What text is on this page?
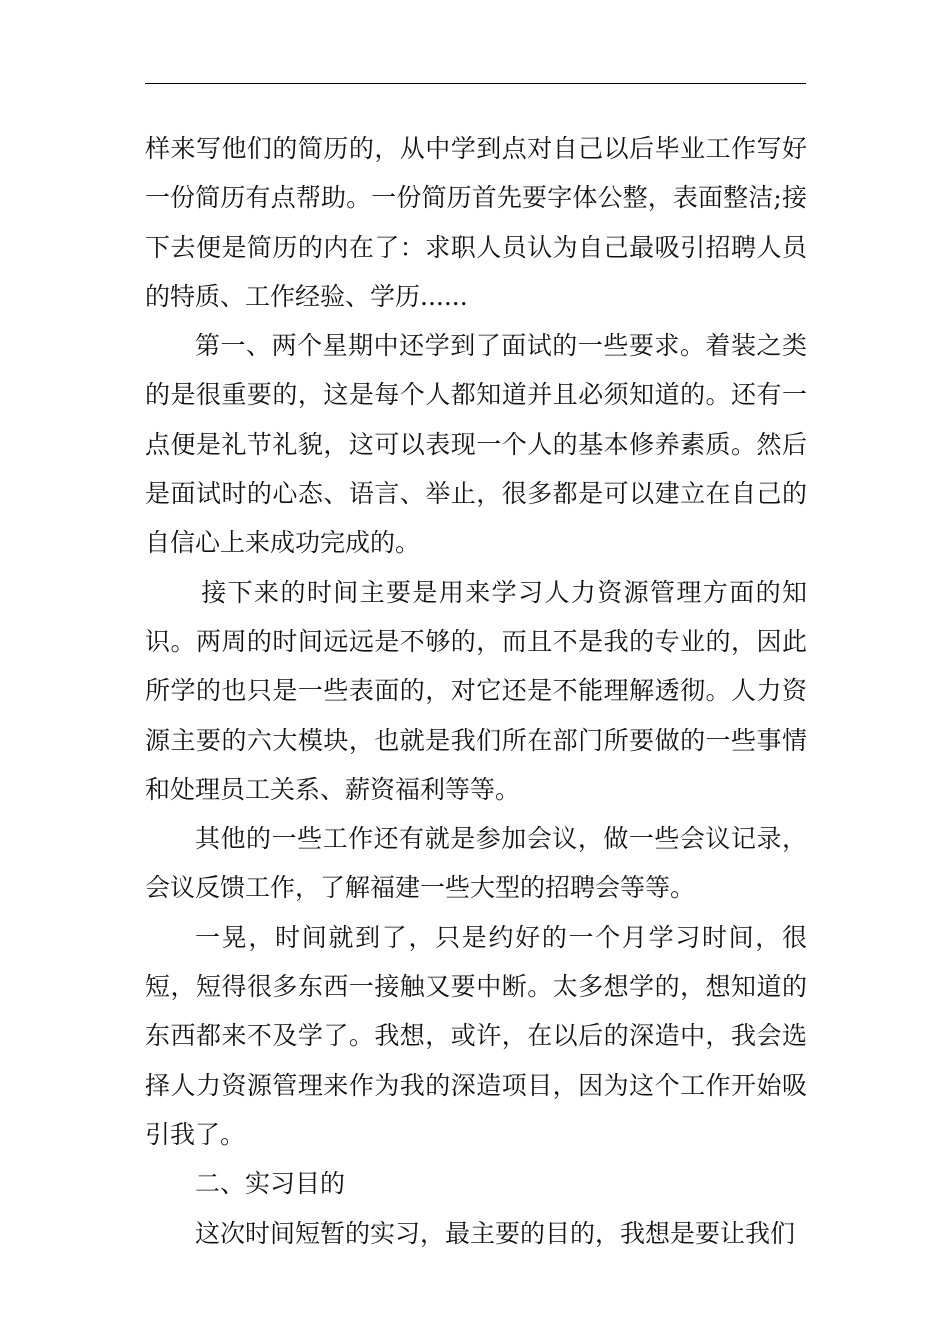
样来写他们的简历的，从中学到点对自己以后毕业工作写好一份简历有点帮助。一份简历首先要字体公整，表面整洁;接下去便是简历的内在了：求职人员认为自己最吸引招聘人员的特质、工作经验、学历......

第一、两个星期中还学到了面试的一些要求。着装之类的是很重要的，这是每个人都知道并且必须知道的。还有一点便是礼节礼貌，这可以表现一个人的基本修养素质。然后是面试时的心态、语言、举止，很多都是可以建立在自己的自信心上来成功完成的。

接下来的时间主要是用来学习人力资源管理方面的知识。两周的时间远远是不够的，而且不是我的专业的，因此所学的也只是一些表面的，对它还是不能理解透彻。人力资源主要的六大模块，也就是我们所在部门所要做的一些事情和处理员工关系、薪资福利等等。

其他的一些工作还有就是参加会议，做一些会议记录，会议反馈工作，了解福建一些大型的招聘会等等。

一晃，时间就到了，只是约好的一个月学习时间，很短，短得很多东西一接触又要中断。太多想学的，想知道的东西都来不及学了。我想，或许，在以后的深造中，我会选择人力资源管理来作为我的深造项目，因为这个工作开始吸引我了。

二、实习目的

这次时间短暂的实习，最主要的目的，我想是要让我们
